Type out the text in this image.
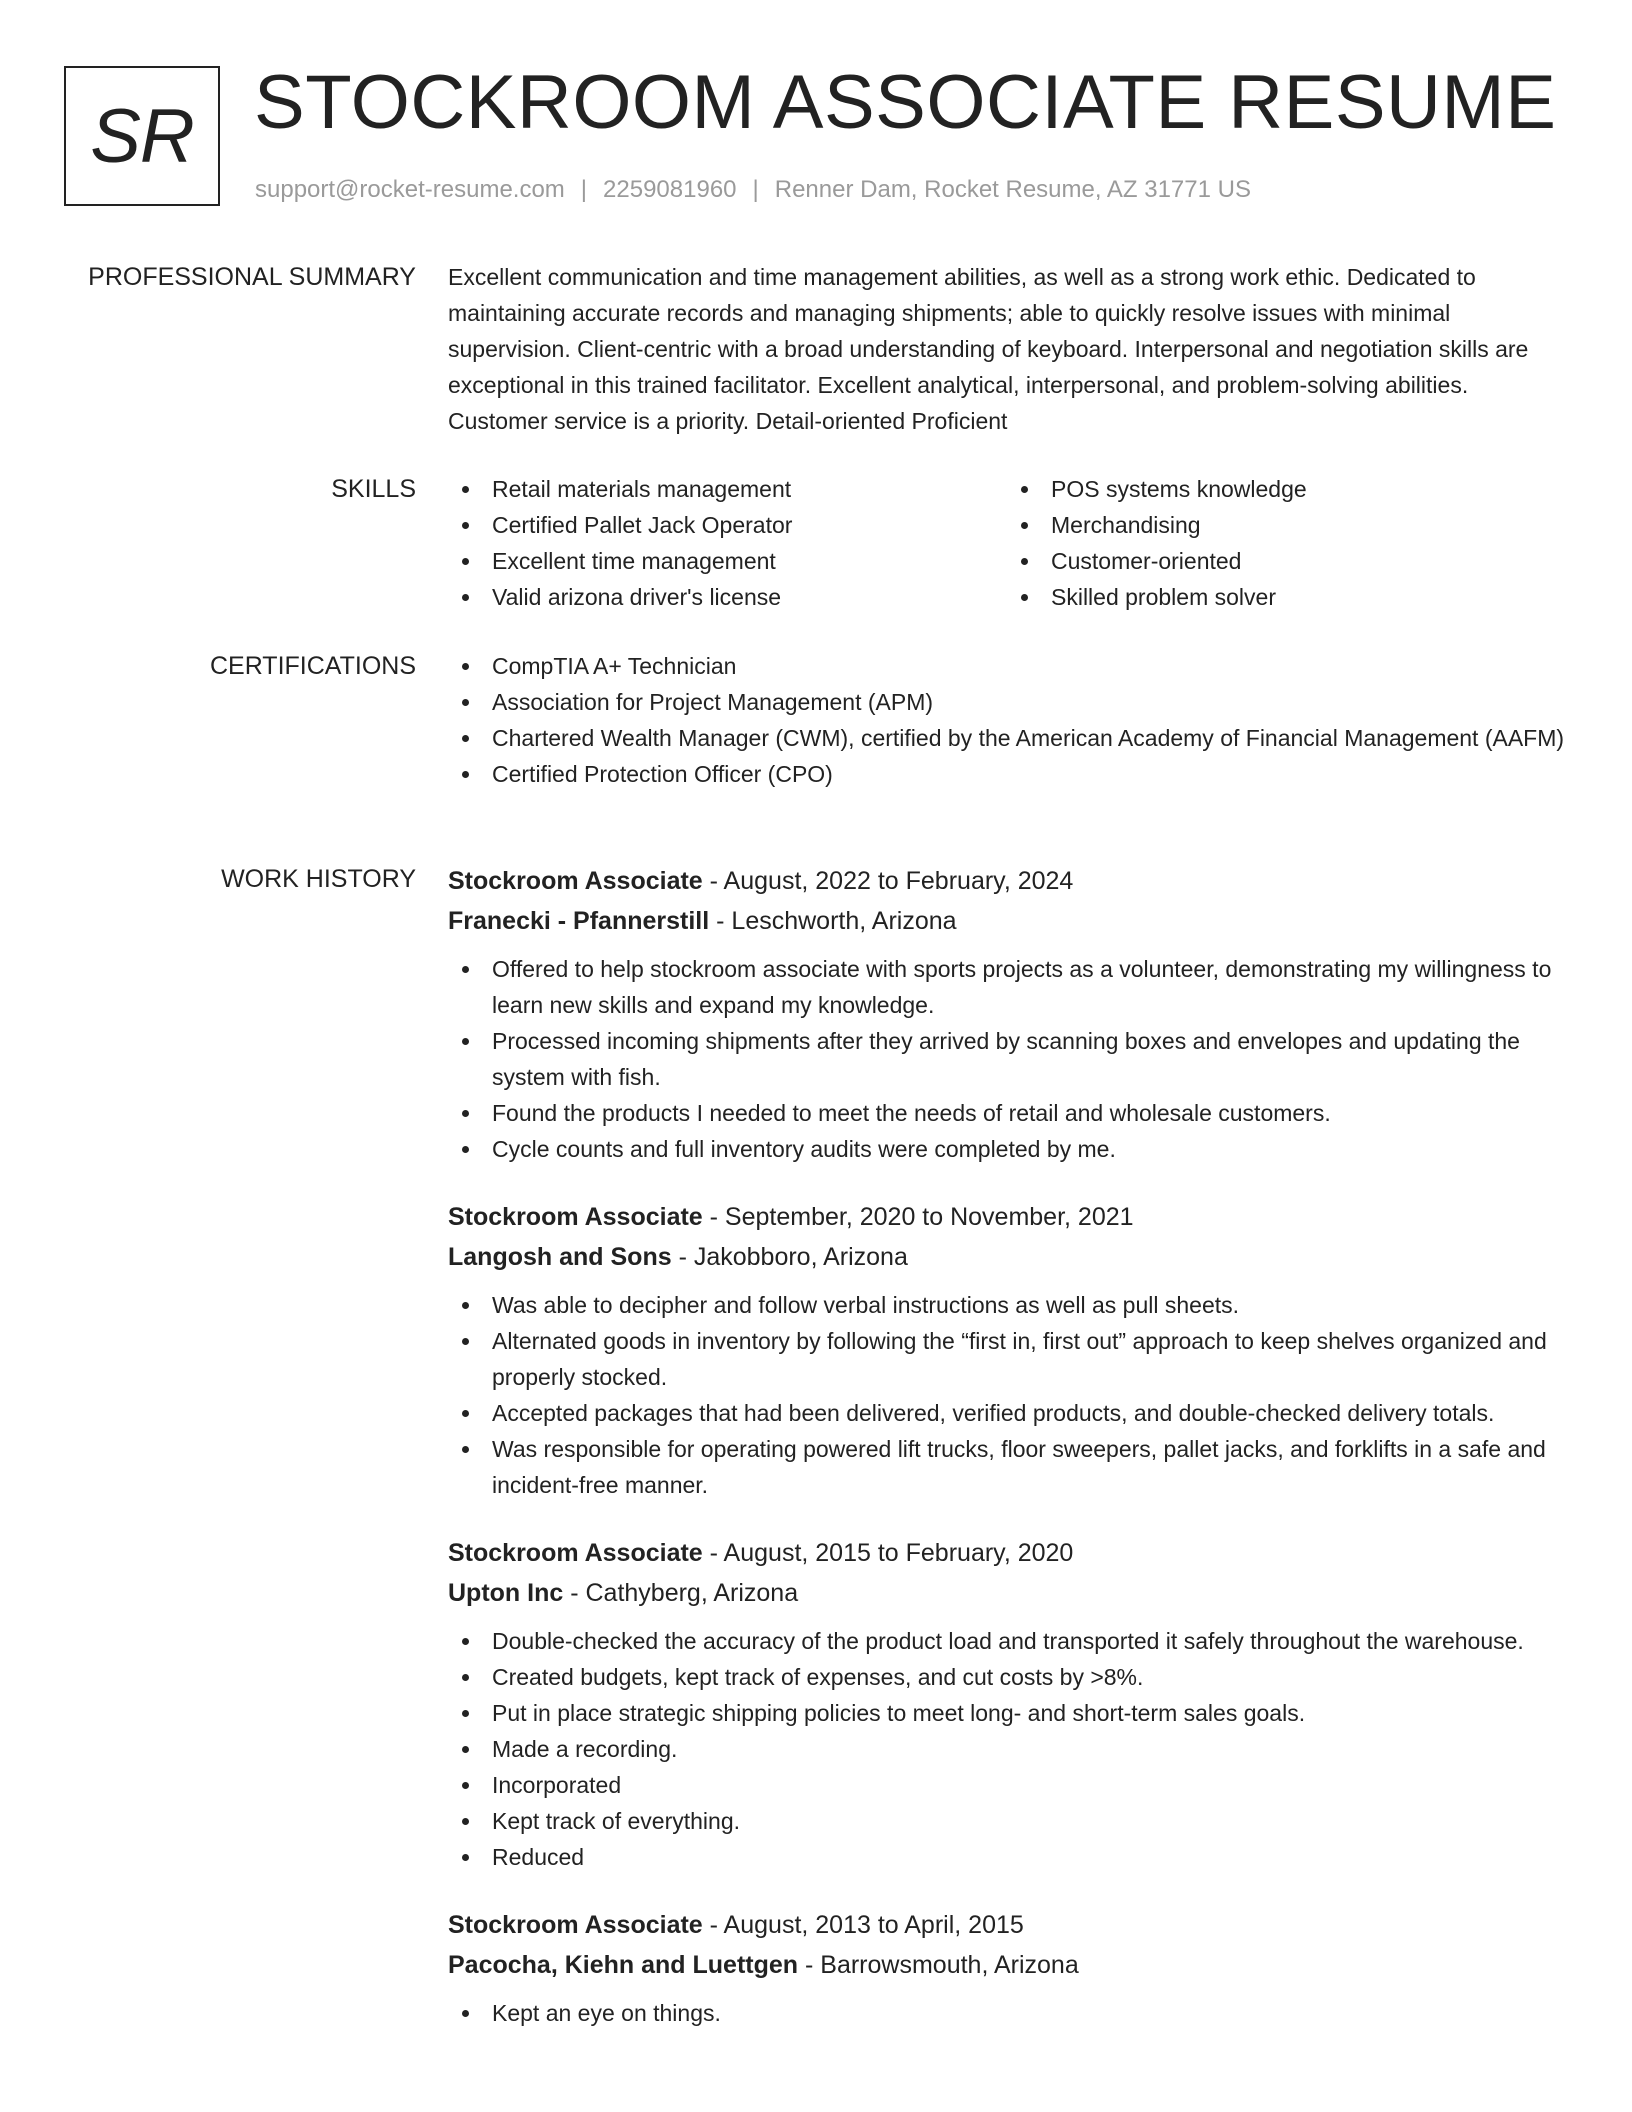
SR STOCKROOM ASSOCIATE RESUME
support@rocket-resume.com | 2259081960 | Renner Dam, Rocket Resume, AZ 31771 US
PROFESSIONAL SUMMARY Excellent communication and time management abilities, as well as a strong work ethic. Dedicated to maintaining accurate records and managing shipments; able to quickly resolve issues with minimal supervision. Client-centric with a broad understanding of keyboard. Interpersonal and negotiation skills are exceptional in this trained facilitator. Excellent analytical, interpersonal, and problem-solving abilities. Customer service is a priority. Detail-oriented Proficient

SKILLS	Retail materials management
Certified Pallet Jack Operator
Excellent time management
Valid arizona driver's license
POS systems knowledge
Merchandising
Customer-oriented
Skilled problem solver
CERTIFICATIONS	CompTIA A+ Technician
Association for Project Management (APM)
Chartered Wealth Manager (CWM), certified by the American Academy of Financial Management (AAFM)
Certified Protection Officer (CPO)
WORK HISTORY Stockroom Associate - August, 2022 to February, 2024
Franecki - Pfannerstill - Leschworth, Arizona
Offered to help stockroom associate with sports projects as a volunteer, demonstrating my willingness to learn new skills and expand my knowledge.
Processed incoming shipments after they arrived by scanning boxes and envelopes and updating the system with fish.
Found the products I needed to meet the needs of retail and wholesale customers.
Cycle counts and full inventory audits were completed by me.
Stockroom Associate - September, 2020 to November, 2021
Langosh and Sons - Jakobboro, Arizona
Was able to decipher and follow verbal instructions as well as pull sheets.
Alternated goods in inventory by following the “first in, first out” approach to keep shelves organized and properly stocked.
Accepted packages that had been delivered, verified products, and double-checked delivery totals.
Was responsible for operating powered lift trucks, floor sweepers, pallet jacks, and forklifts in a safe and incident-free manner.
Stockroom Associate - August, 2015 to February, 2020
Upton Inc - Cathyberg, Arizona
Double-checked the accuracy of the product load and transported it safely throughout the warehouse.
Created budgets, kept track of expenses, and cut costs by >8%.
Put in place strategic shipping policies to meet long- and short-term sales goals.
Made a recording.
Incorporated
Kept track of everything.
Reduced
Stockroom Associate - August, 2013 to April, 2015
Pacocha, Kiehn and Luettgen - Barrowsmouth, Arizona
Kept an eye on things.
